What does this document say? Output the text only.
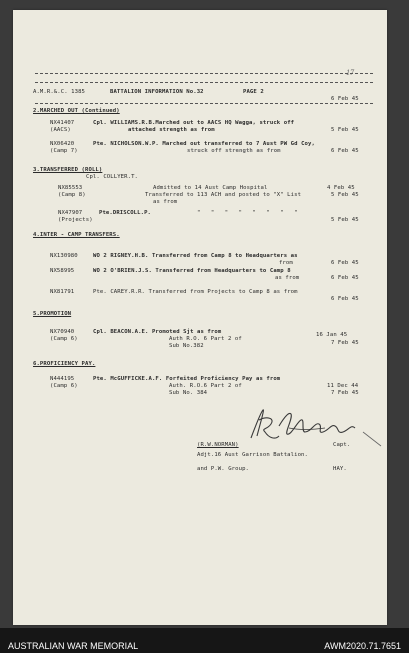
17
A.M.R.&.C. 1385	BATTALION INFORMATION No.32	PAGE 2
6 Feb 45
2.MARCHED OUT (Continued)
NX41407
(AACS)
Cpl. WILLIAMS.R.B.Marched out to AACS HQ Wagga, struck off
attached strength as from	5 Feb 45
NX06420
(Camp 7)
Pte. NICHOLSON.W.P. Marched out transferred to 7 Aust PW Gd Coy,
struck off strength as from	6 Feb 45
3.TRANSFERRED (ROLL)
Cpl. COLLYER.T.
NX85553
(Camp 8)
Admitted to 14 Aust Camp Hospital	4 Feb 45
Transferred to 113 ACH and posted to "X" List
as from
5 Feb 45
NX47907
(Projects)
Pte.DRISCOLL.P.	"   "   "   "   "   "   "   "
5 Feb 45
4.INTER - CAMP TRANSFERS.
NX130980	WO 2 RIGNEY.H.B. Transferred from Camp 8 to Headquarters as
from	6 Feb 45
NX58995	WO 2 O'BRIEN.J.S. Transferred from Headquarters to Camp 8
as from	6 Feb 45
NX81791	Pte. CAREY.R.R. Transferred from Projects to Camp 8 as from
6 Feb 45
5.PROMOTION
NX70940
(Camp 6)
Cpl. BEACON.A.E. Promoted Sjt as from	16 Jan 45
Auth R.O. 6 Part 2 of
Sub No.382	7 Feb 45
6.PROFICIENCY PAY.
N444195
(Camp 6)
Pte. McGUFFICKE.A.F. Forfeited Proficiency Pay as from
Auth. R.O.6 Part 2 of	11 Dec 44
Sub No. 384	7 Feb 45
(R.W.NORMAN)	Capt.
Adjt.16 Aust Garrison Battalion.
and P.W. Group.	HAY.
AUSTRALIAN WAR MEMORIAL	AWM2020.71.7651
